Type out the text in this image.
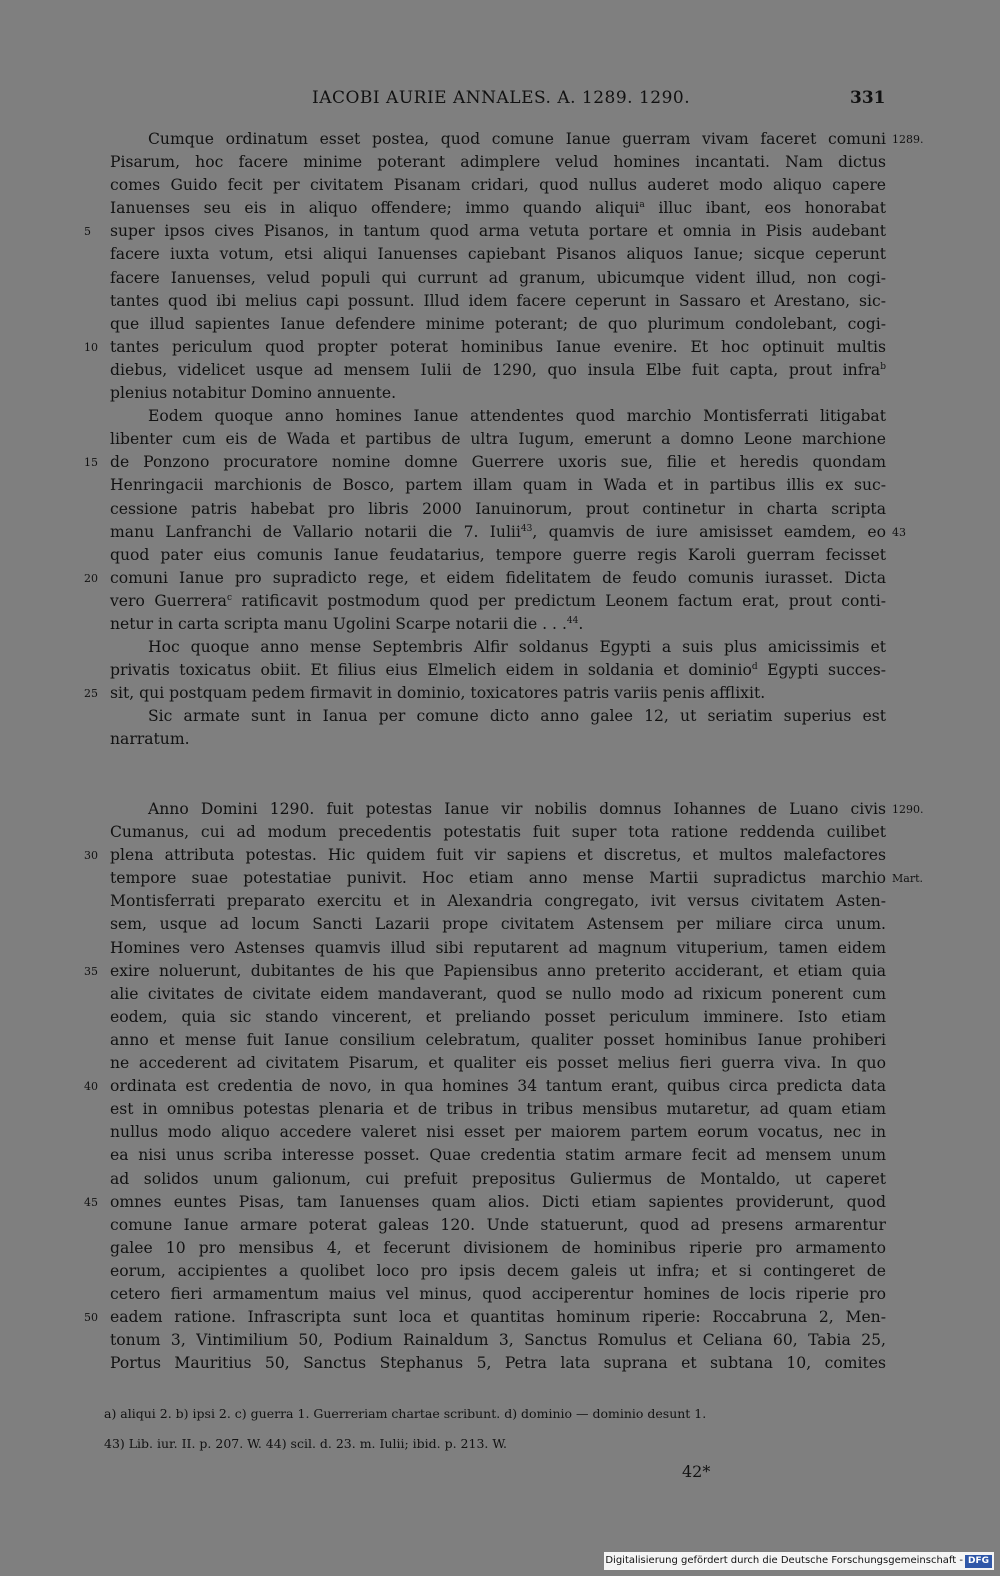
IACOBI AURIE ANNALES. A. 1289. 1290.	331
Cumque ordinatum esset postea, quod comune Ianue guerram vivam faceret comuni 1289.
Pisarum, hoc facere minime poterant adimplere velud homines incantati. Nam dictus
comes Guido fecit per civitatem Pisanam cridari, quod nullus auderet modo aliquo capere
Ianuenses seu eis in aliquo offendere; immo quando aliqui$^a$ illuc ibant, eos honorabat
super ipsos cives Pisanos, in tantum quod arma vetuta portare et omnia in Pisis audebant
5
facere iuxta votum, etsi aliqui Ianuenses capiebant Pisanos aliquos Ianue; sicque ceperunt
facere Ianuenses, velud populi qui currunt ad granum, ubicumque vident illud, non cogi-
tantes quod ibi melius capi possunt. Illud idem facere ceperunt in Sassaro et Arestano, sic-
que illud sapientes Ianue defendere minime poterant; de quo plurimum condolebant, cogi-
tantes periculum quod propter poterat hominibus Ianue evenire. Et hoc optinuit multis
10
diebus, videlicet usque ad mensem Iulii de 1290, quo insula Elbe fuit capta, prout infra$^b$
plenius notabitur Domino annuente.
Eodem quoque anno homines Ianue attendentes quod marchio Montisferrati litigabat
libenter cum eis de Wada et partibus de ultra Iugum, emerunt a domno Leone marchione
de Ponzono procuratore nomine domne Guerrere uxoris sue, filie et heredis quondam
15
Henringacii marchionis de Bosco, partem illam quam in Wada et in partibus illis ex suc-
cessione patris habebat pro libris 2000 Ianuinorum, prout continetur in charta scripta
manu Lanfranchi de Vallario notarii die 7. Iulii$^{43}$, quamvis de iure amisisset eamdem, eo 43
quod pater eius comunis Ianue feudatarius, tempore guerre regis Karoli guerram fecisset
comuni Ianue pro supradicto rege, et eidem fidelitatem de feudo comunis iurasset. Dicta
20
vero Guerrera$^c$ ratificavit postmodum quod per predictum Leonem factum erat, prout conti-
netur in carta scripta manu Ugolini Scarpe notarii die . . .$^{44}$.
Hoc quoque anno mense Septembris Alfir soldanus Egypti a suis plus amicissimis et
privatis toxicatus obiit. Et filius eius Elmelich eidem in soldania et dominio$^d$ Egypti succes-
sit, qui postquam pedem firmavit in dominio, toxicatores patris variis penis afflixit.
25
Sic armate sunt in Ianua per comune dicto anno galee 12, ut seriatim superius est
narratum.
Anno Domini 1290. fuit potestas Ianue vir nobilis domnus Iohannes de Luano civis 1290.
Cumanus, cui ad modum precedentis potestatis fuit super tota ratione reddenda cuilibet
plena attributa potestas. Hic quidem fuit vir sapiens et discretus, et multos malefactores
30
tempore suae potestatiae punivit. Hoc etiam anno mense Martii supradictus marchio Mart.
Montisferrati preparato exercitu et in Alexandria congregato, ivit versus civitatem Asten-
sem, usque ad locum Sancti Lazarii prope civitatem Astensem per miliare circa unum.
Homines vero Astenses quamvis illud sibi reputarent ad magnum vituperium, tamen eidem
exire noluerunt, dubitantes de his que Papiensibus anno preterito acciderant, et etiam quia
35
alie civitates de civitate eidem mandaverant, quod se nullo modo ad rixicum ponerent cum
eodem, quia sic stando vincerent, et preliando posset periculum imminere. Isto etiam
anno et mense fuit Ianue consilium celebratum, qualiter posset hominibus Ianue prohiberi
ne accederent ad civitatem Pisarum, et qualiter eis posset melius fieri guerra viva. In quo
ordinata est credentia de novo, in qua homines 34 tantum erant, quibus circa predicta data
40
est in omnibus potestas plenaria et de tribus in tribus mensibus mutaretur, ad quam etiam
nullus modo aliquo accedere valeret nisi esset per maiorem partem eorum vocatus, nec in
ea nisi unus scriba interesse posset. Quae credentia statim armare fecit ad mensem unum
ad solidos unum galionum, cui prefuit prepositus Guliermus de Montaldo, ut caperet
omnes euntes Pisas, tam Ianuenses quam alios. Dicti etiam sapientes providerunt, quod
45
comune Ianue armare poterat galeas 120. Unde statuerunt, quod ad presens armarentur
galee 10 pro mensibus 4, et fecerunt divisionem de hominibus riperie pro armamento
eorum, accipientes a quolibet loco pro ipsis decem galeis ut infra; et si contingeret de
cetero fieri armamentum maius vel minus, quod acciperentur homines de locis riperie pro
eadem ratione. Infrascripta sunt loca et quantitas hominum riperie: Roccabruna 2, Men-
50
tonum 3, Vintimilium 50, Podium Rainaldum 3, Sanctus Romulus et Celiana 60, Tabia 25,
Portus Mauritius 50, Sanctus Stephanus 5, Petra lata suprana et subtana 10, comites
a) aliqui 2. b) ipsi 2. c) guerra 1. Guerreriam chartae scribunt. d) dominio — dominio desunt 1.
43) Lib. iur. II. p. 207. W. 44) scil. d. 23. m. Iulii; ibid. p. 213. W.
42*
Digitalisierung gefördert durch die Deutsche Forschungsgemeinschaft - DFG
